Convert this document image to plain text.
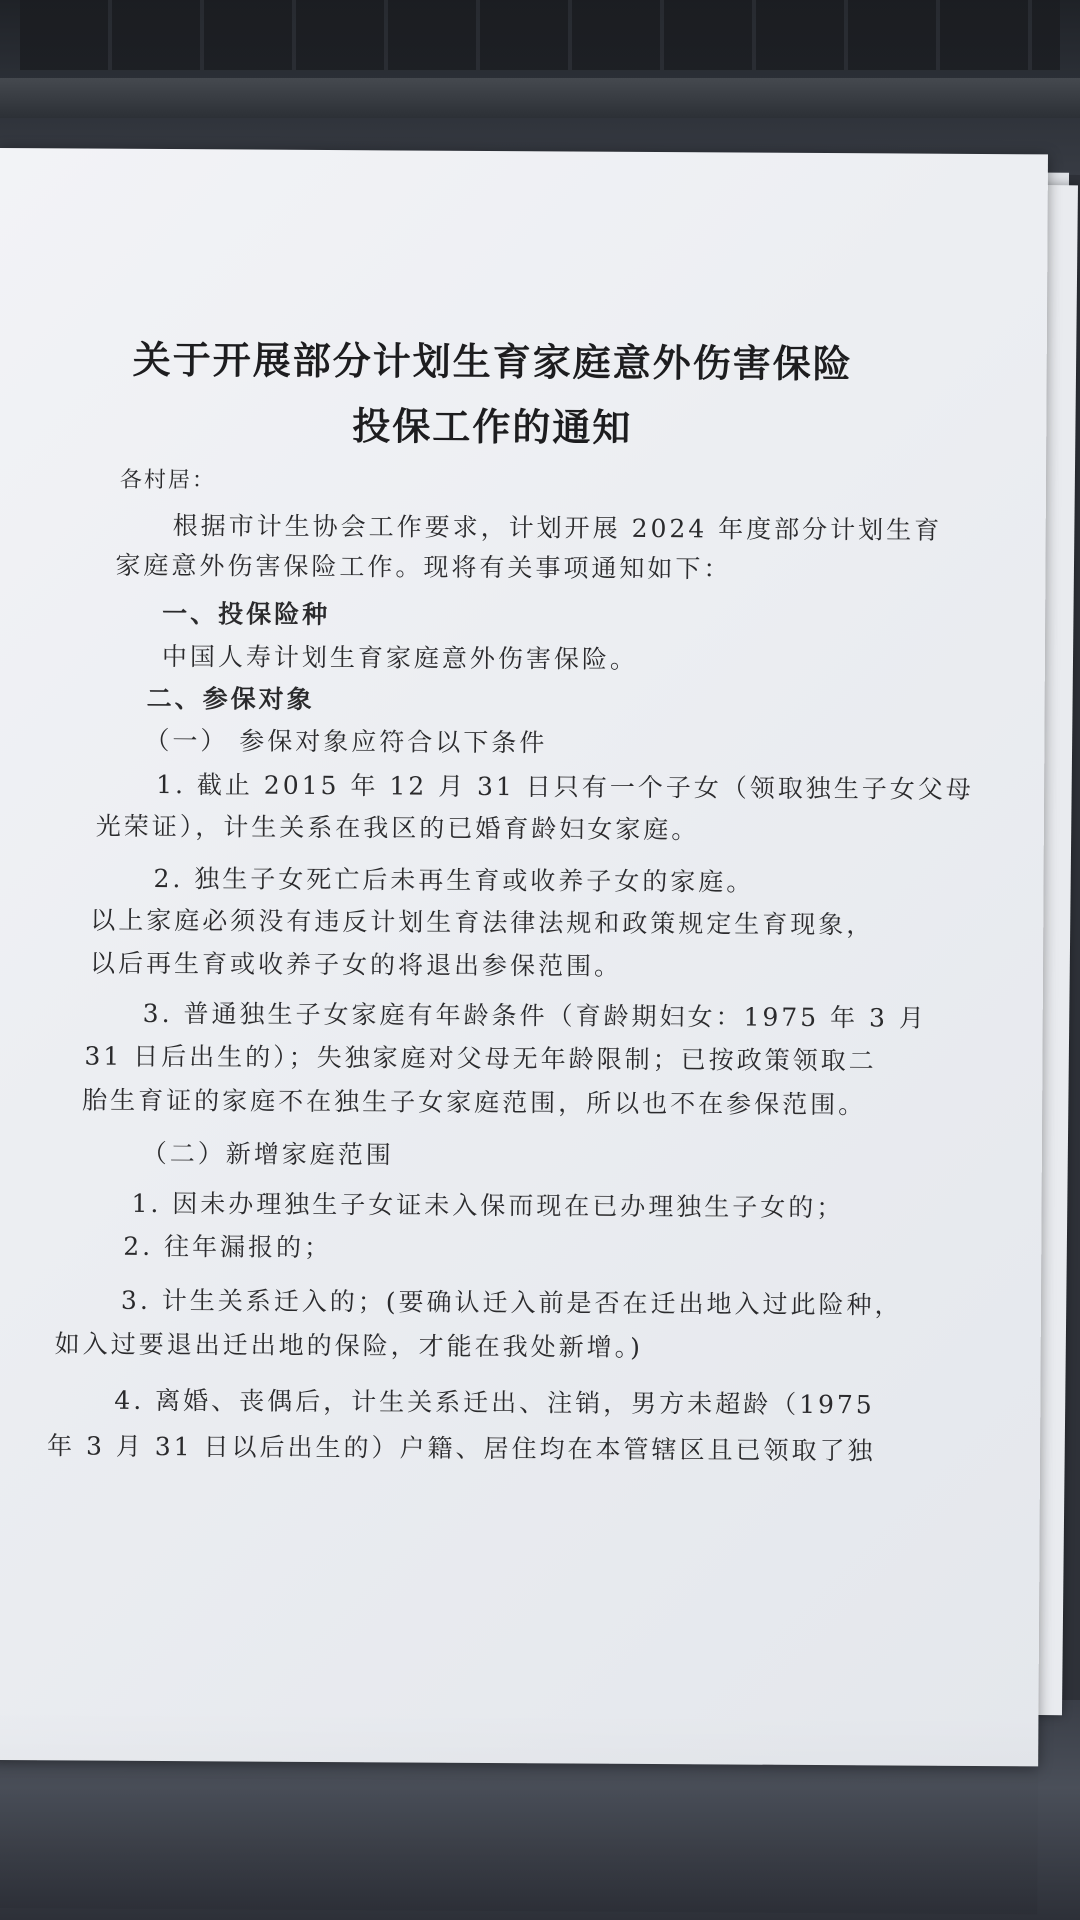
关于开展部分计划生育家庭意外伤害保险
投保工作的通知
各村居：
根据市计生协会工作要求，计划开展 2024 年度部分计划生育
家庭意外伤害保险工作。现将有关事项通知如下：
一、投保险种
中国人寿计划生育家庭意外伤害保险。
二、参保对象
（一） 参保对象应符合以下条件
1. 截止 2015 年 12 月 31 日只有一个子女（领取独生子女父母
光荣证），计生关系在我区的已婚育龄妇女家庭。
2. 独生子女死亡后未再生育或收养子女的家庭。
以上家庭必须没有违反计划生育法律法规和政策规定生育现象，
以后再生育或收养子女的将退出参保范围。
3. 普通独生子女家庭有年龄条件（育龄期妇女：1975 年 3 月
31 日后出生的）；失独家庭对父母无年龄限制；已按政策领取二
胎生育证的家庭不在独生子女家庭范围，所以也不在参保范围。
（二）新增家庭范围
1. 因未办理独生子女证未入保而现在已办理独生子女的；
2. 往年漏报的；
3. 计生关系迁入的；(要确认迁入前是否在迁出地入过此险种，
如入过要退出迁出地的保险，才能在我处新增。)
4. 离婚、丧偶后，计生关系迁出、注销，男方未超龄（1975
年 3 月 31 日以后出生的）户籍、居住均在本管辖区且已领取了独
